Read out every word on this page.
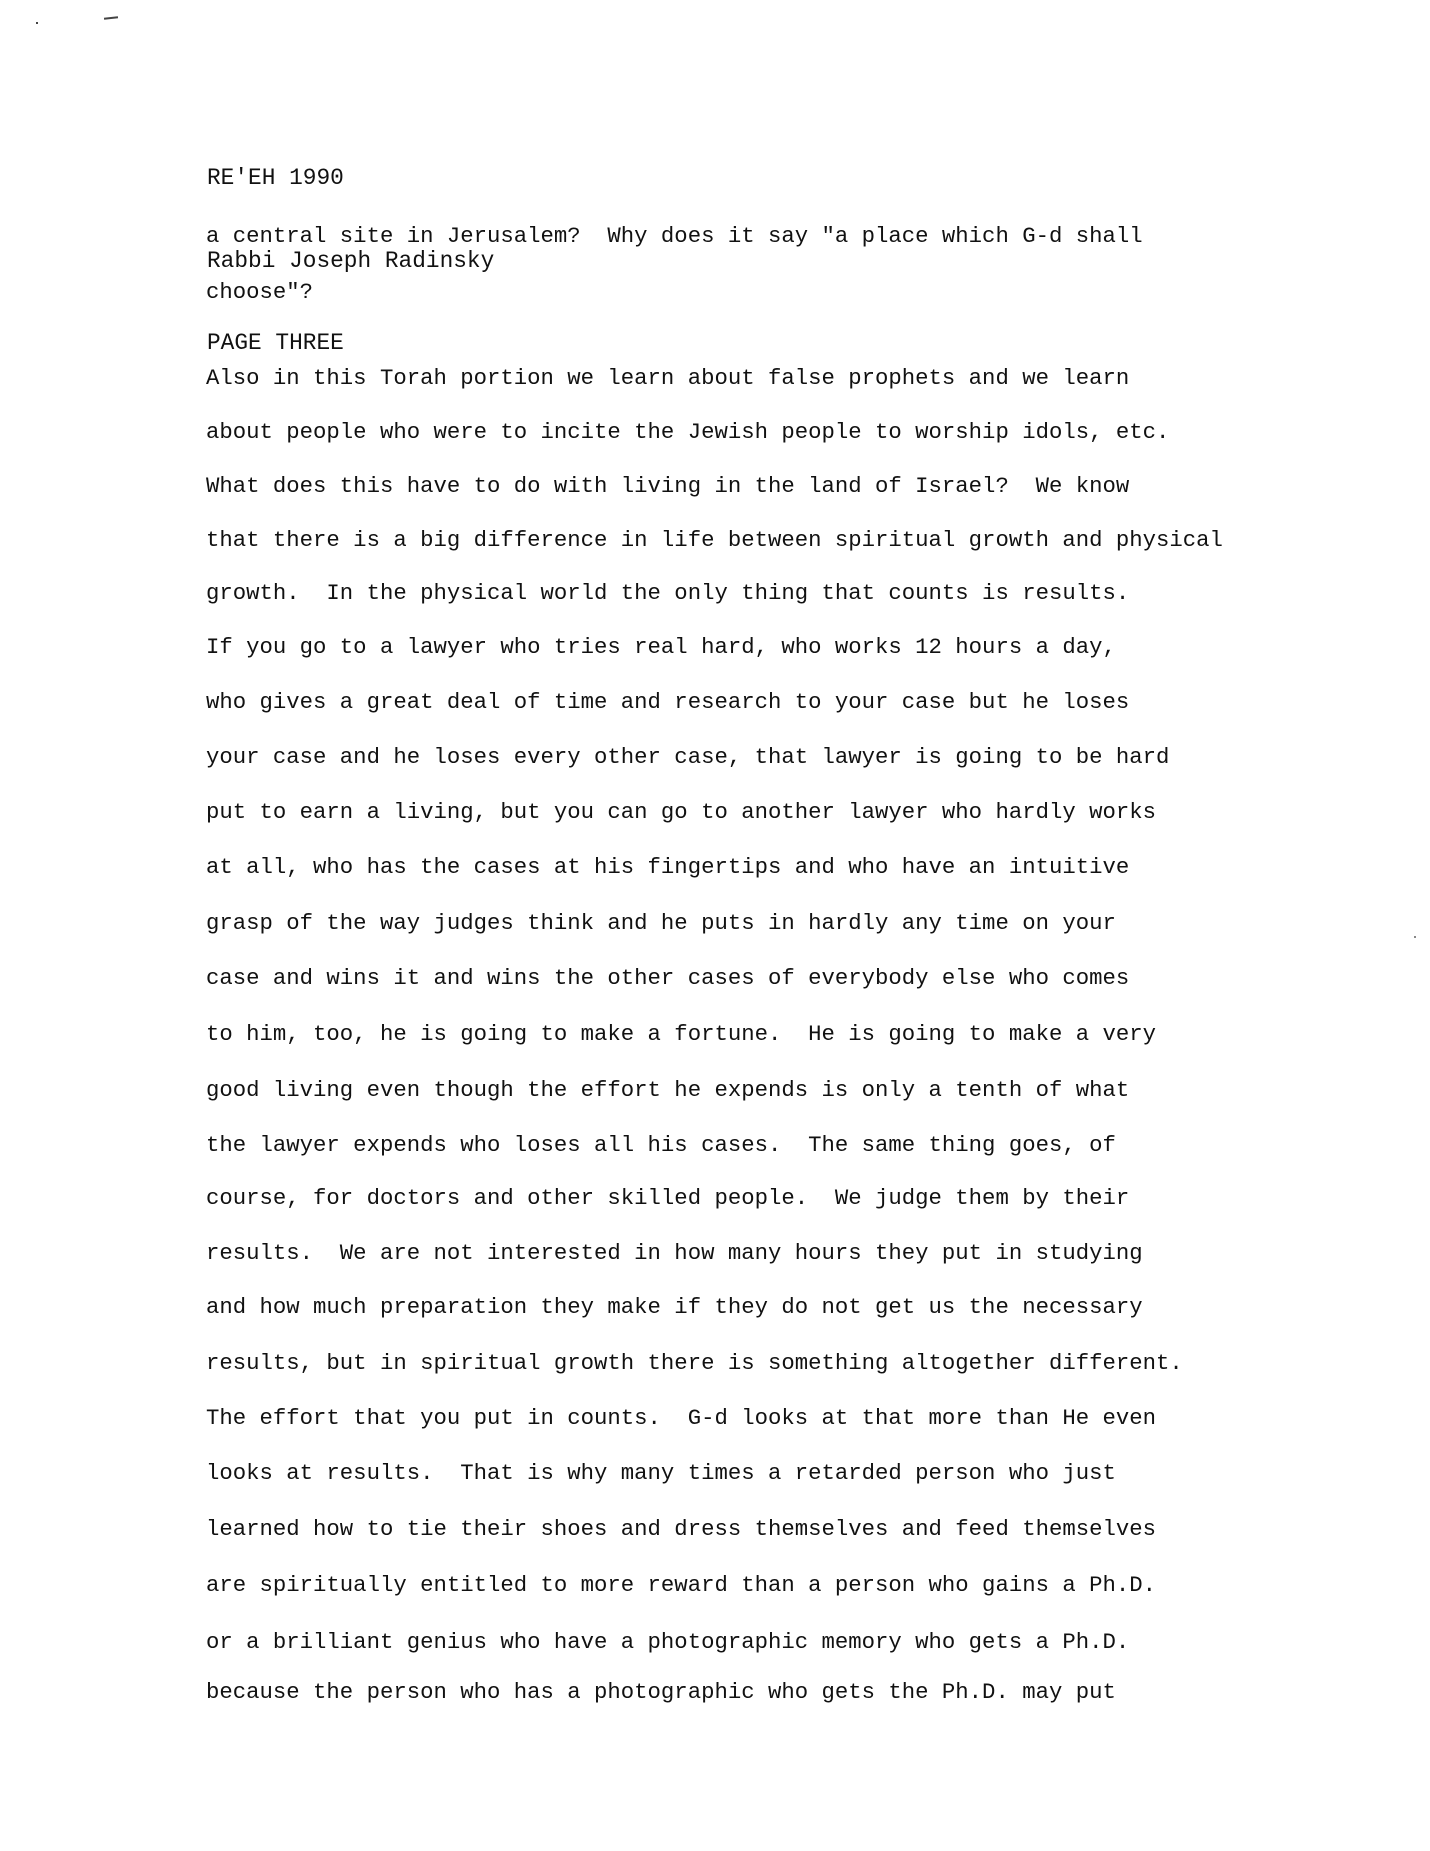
RE'EH 1990

Rabbi Joseph Radinsky

PAGE THREE

a central site in Jerusalem?  Why does it say "a place which G-d shall

choose"?

Also in this Torah portion we learn about false prophets and we learn

about people who were to incite the Jewish people to worship idols, etc.

What does this have to do with living in the land of Israel?  We know

that there is a big difference in life between spiritual growth and physical

growth.  In the physical world the only thing that counts is results.

If you go to a lawyer who tries real hard, who works 12 hours a day,

who gives a great deal of time and research to your case but he loses

your case and he loses every other case, that lawyer is going to be hard

put to earn a living, but you can go to another lawyer who hardly works

at all, who has the cases at his fingertips and who have an intuitive

grasp of the way judges think and he puts in hardly any time on your

case and wins it and wins the other cases of everybody else who comes

to him, too, he is going to make a fortune.  He is going to make a very

good living even though the effort he expends is only a tenth of what

the lawyer expends who loses all his cases.  The same thing goes, of

course, for doctors and other skilled people.  We judge them by their

results.  We are not interested in how many hours they put in studying

and how much preparation they make if they do not get us the necessary

results, but in spiritual growth there is something altogether different.

The effort that you put in counts.  G-d looks at that more than He even

looks at results.  That is why many times a retarded person who just

learned how to tie their shoes and dress themselves and feed themselves

are spiritually entitled to more reward than a person who gains a Ph.D.

or a brilliant genius who have a photographic memory who gets a Ph.D.

because the person who has a photographic who gets the Ph.D. may put
